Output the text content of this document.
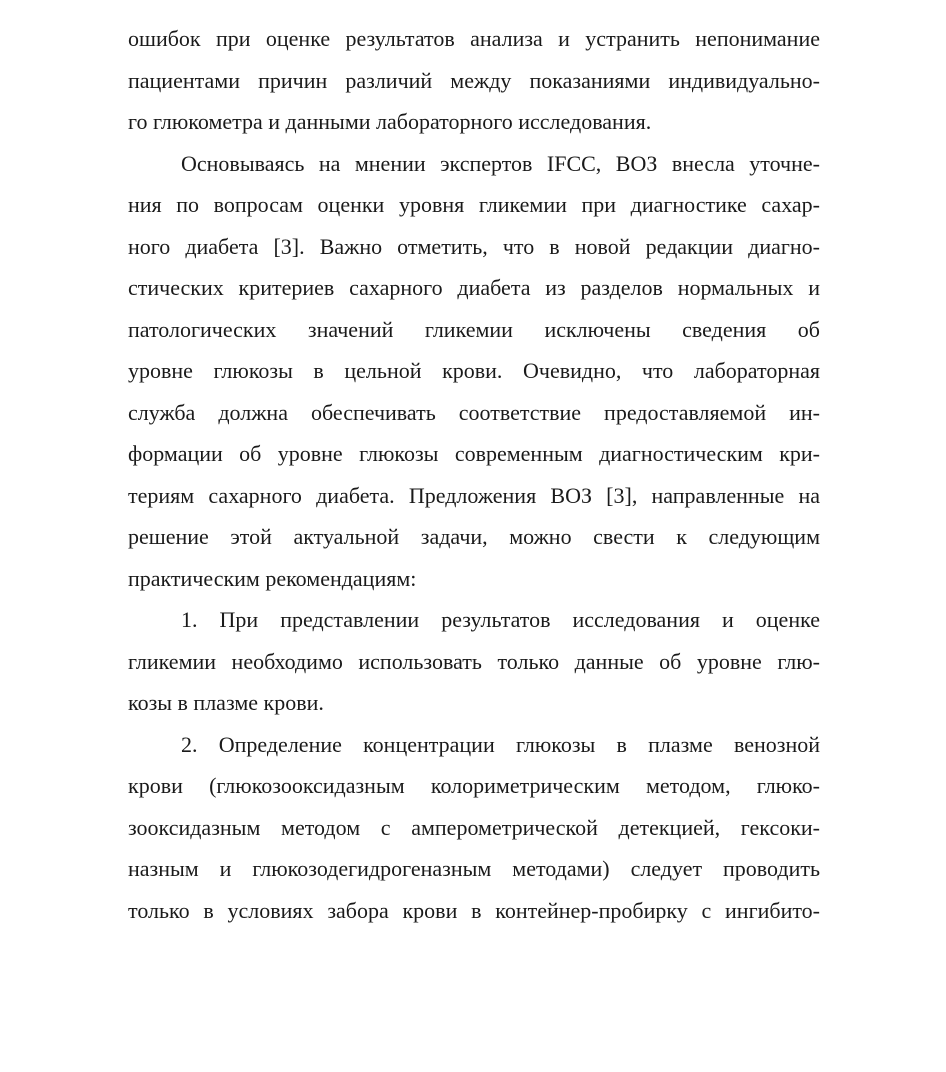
ошибок при оценке результатов анализа и устранить непонимание
пациентами причин различий между показаниями индивидуально-
го глюкометра и данными лабораторного исследования.
Основываясь на мнении экспертов IFCC, ВОЗ внесла уточне-
ния по вопросам оценки уровня гликемии при диагностике сахар-
ного диабета [3]. Важно отметить, что в новой редакции диагно-
стических критериев сахарного диабета из разделов нормальных и
патологических значений гликемии исключены сведения об
уровне глюкозы в цельной крови. Очевидно, что лабораторная
служба должна обеспечивать соответствие предоставляемой ин-
формации об уровне глюкозы современным диагностическим кри-
териям сахарного диабета. Предложения ВОЗ [3], направленные на
решение этой актуальной задачи, можно свести к следующим
практическим рекомендациям:
1. При представлении результатов исследования и оценке
гликемии необходимо использовать только данные об уровне глю-
козы в плазме крови.
2. Определение концентрации глюкозы в плазме венозной
крови (глюкозооксидазным колориметрическим методом, глюко-
зооксидазным методом с амперометрической детекцией, гексоки-
назным и глюкозодегидрогеназным методами) следует проводить
только в условиях забора крови в контейнер-пробирку с ингибито-
